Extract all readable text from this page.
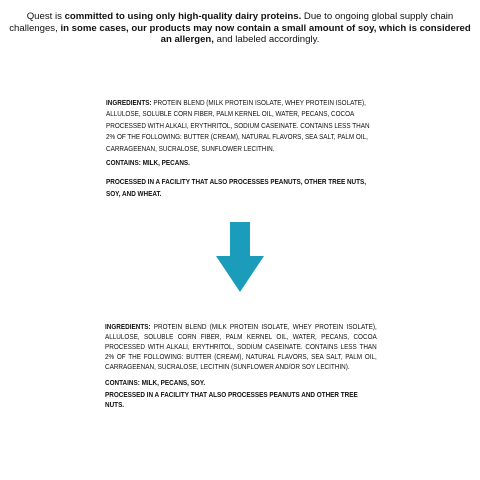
Quest is committed to using only high-quality dairy proteins. Due to ongoing global supply chain challenges, in some cases, our products may now contain a small amount of soy, which is considered an allergen, and labeled accordingly.
INGREDIENTS: PROTEIN BLEND (MILK PROTEIN ISOLATE, WHEY PROTEIN ISOLATE), ALLULOSE, SOLUBLE CORN FIBER, PALM KERNEL OIL, WATER, PECANS, COCOA PROCESSED WITH ALKALI, ERYTHRITOL, SODIUM CASEINATE. CONTAINS LESS THAN 2% OF THE FOLLOWING: BUTTER (CREAM), NATURAL FLAVORS, SEA SALT, PALM OIL, CARRAGEENAN, SUCRALOSE, SUNFLOWER LECITHIN.
CONTAINS: MILK, PECANS.
PROCESSED IN A FACILITY THAT ALSO PROCESSES PEANUTS, OTHER TREE NUTS, SOY, AND WHEAT.
INGREDIENTS: PROTEIN BLEND (MILK PROTEIN ISOLATE, WHEY PROTEIN ISOLATE), ALLULOSE, SOLUBLE CORN FIBER, PALM KERNEL OIL, WATER, PECANS, COCOA PROCESSED WITH ALKALI, ERYTHRITOL, SODIUM CASEINATE. CONTAINS LESS THAN 2% OF THE FOLLOWING: BUTTER (CREAM), NATURAL FLAVORS, SEA SALT, PALM OIL, CARRAGEENAN, SUCRALOSE, LECITHIN (SUNFLOWER AND/OR SOY LECITHIN).
CONTAINS: MILK, PECANS, SOY.
PROCESSED IN A FACILITY THAT ALSO PROCESSES PEANUTS AND OTHER TREE NUTS.
